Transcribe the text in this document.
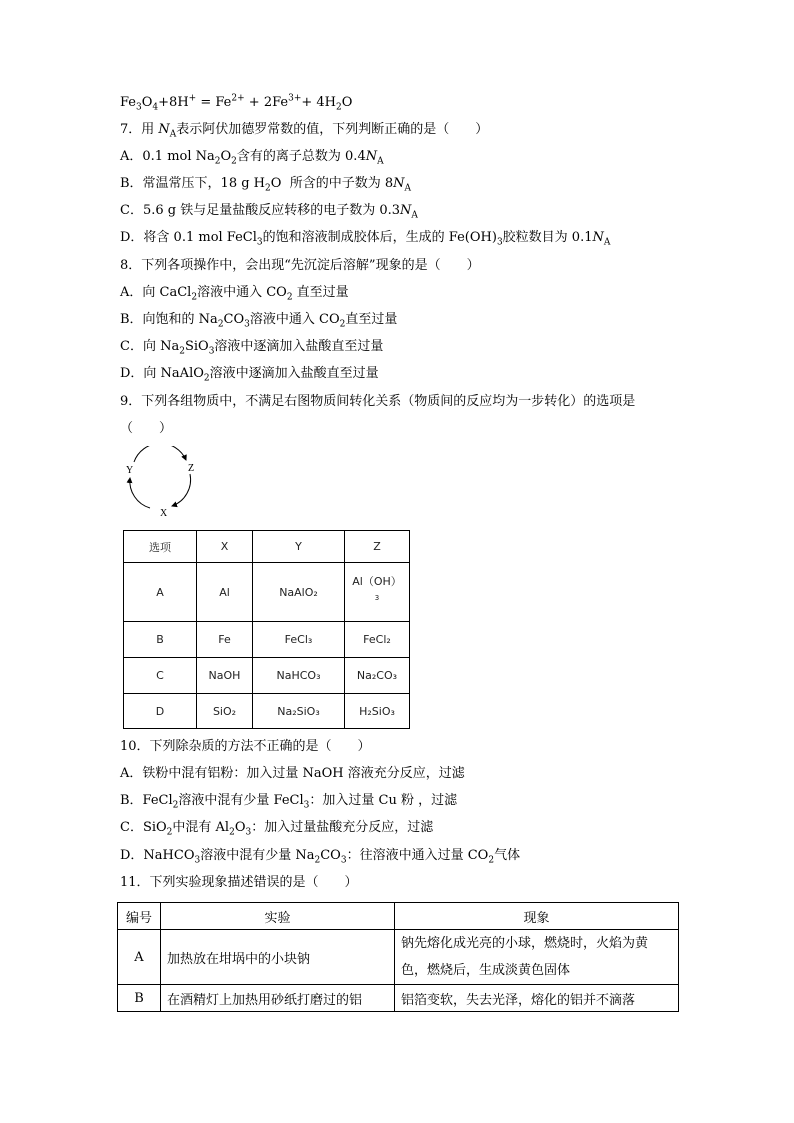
$Fe_3O_4+8H^+ = Fe^{2+} + 2Fe^{3+}+ 4H_2O$
7．用 $N_A$表示阿伏加德罗常数的值，下列判断正确的是（　　）
A．0.1 mol $Na_2O_2$含有的离子总数为 $0.4N_A$
B．常温常压下，18 g $H_2O$  所含的中子数为 $8N_A$
C．5.6 g 铁与足量盐酸反应转移的电子数为 $0.3N_A$
D．将含 0.1 mol FeCl$_3$的饱和溶液制成胶体后，生成的 $Fe(OH)_3$胶粒数目为 $0.1N_A$
8．下列各项操作中，会出现“先沉淀后溶解”现象的是（　　）
A．向 CaCl$_2$溶液中通入 $CO_2$ 直至过量
B．向饱和的 $Na_2CO_3$溶液中通入 $CO_2$直至过量
C．向 $Na_2SiO_3$溶液中逐滴加入盐酸直至过量
D．向 NaAlO$_2$溶液中逐滴加入盐酸直至过量
9．下列各组物质中，不满足右图物质间转化关系（物质间的反应均为一步转化）的选项是
（　　）
Y	Z
X
选项	X	Y	Z
A	Al	NaAlO₂	Al（OH）
3

B	Fe	FeCl₃	FeCl₂
C	NaOH	NaHCO₃	Na₂CO₃
D	SiO₂	Na₂SiO₃	H₂SiO₃
10．下列除杂质的方法不正确的是（　　）
A．铁粉中混有铝粉：加入过量 NaOH 溶液充分反应，过滤
B．FeCl$_2$溶液中混有少量 FeCl$_3$：加入过量 Cu 粉 ，过滤
C．SiO$_2$中混有 $Al_2O_3$：加入过量盐酸充分反应，过滤
D．NaHCO$_3$溶液中混有少量 $Na_2CO_3$：往溶液中通入过量 $CO_2$气体
11．下列实验现象描述错误的是（　　）
编号	实验	现象
A	加热放在坩埚中的小块钠	钠先熔化成光亮的小球，燃烧时，火焰为黄
色，燃烧后，生成淡黄色固体

B	在酒精灯上加热用砂纸打磨过的铝	铝箔变软，失去光泽，熔化的铝并不滴落
